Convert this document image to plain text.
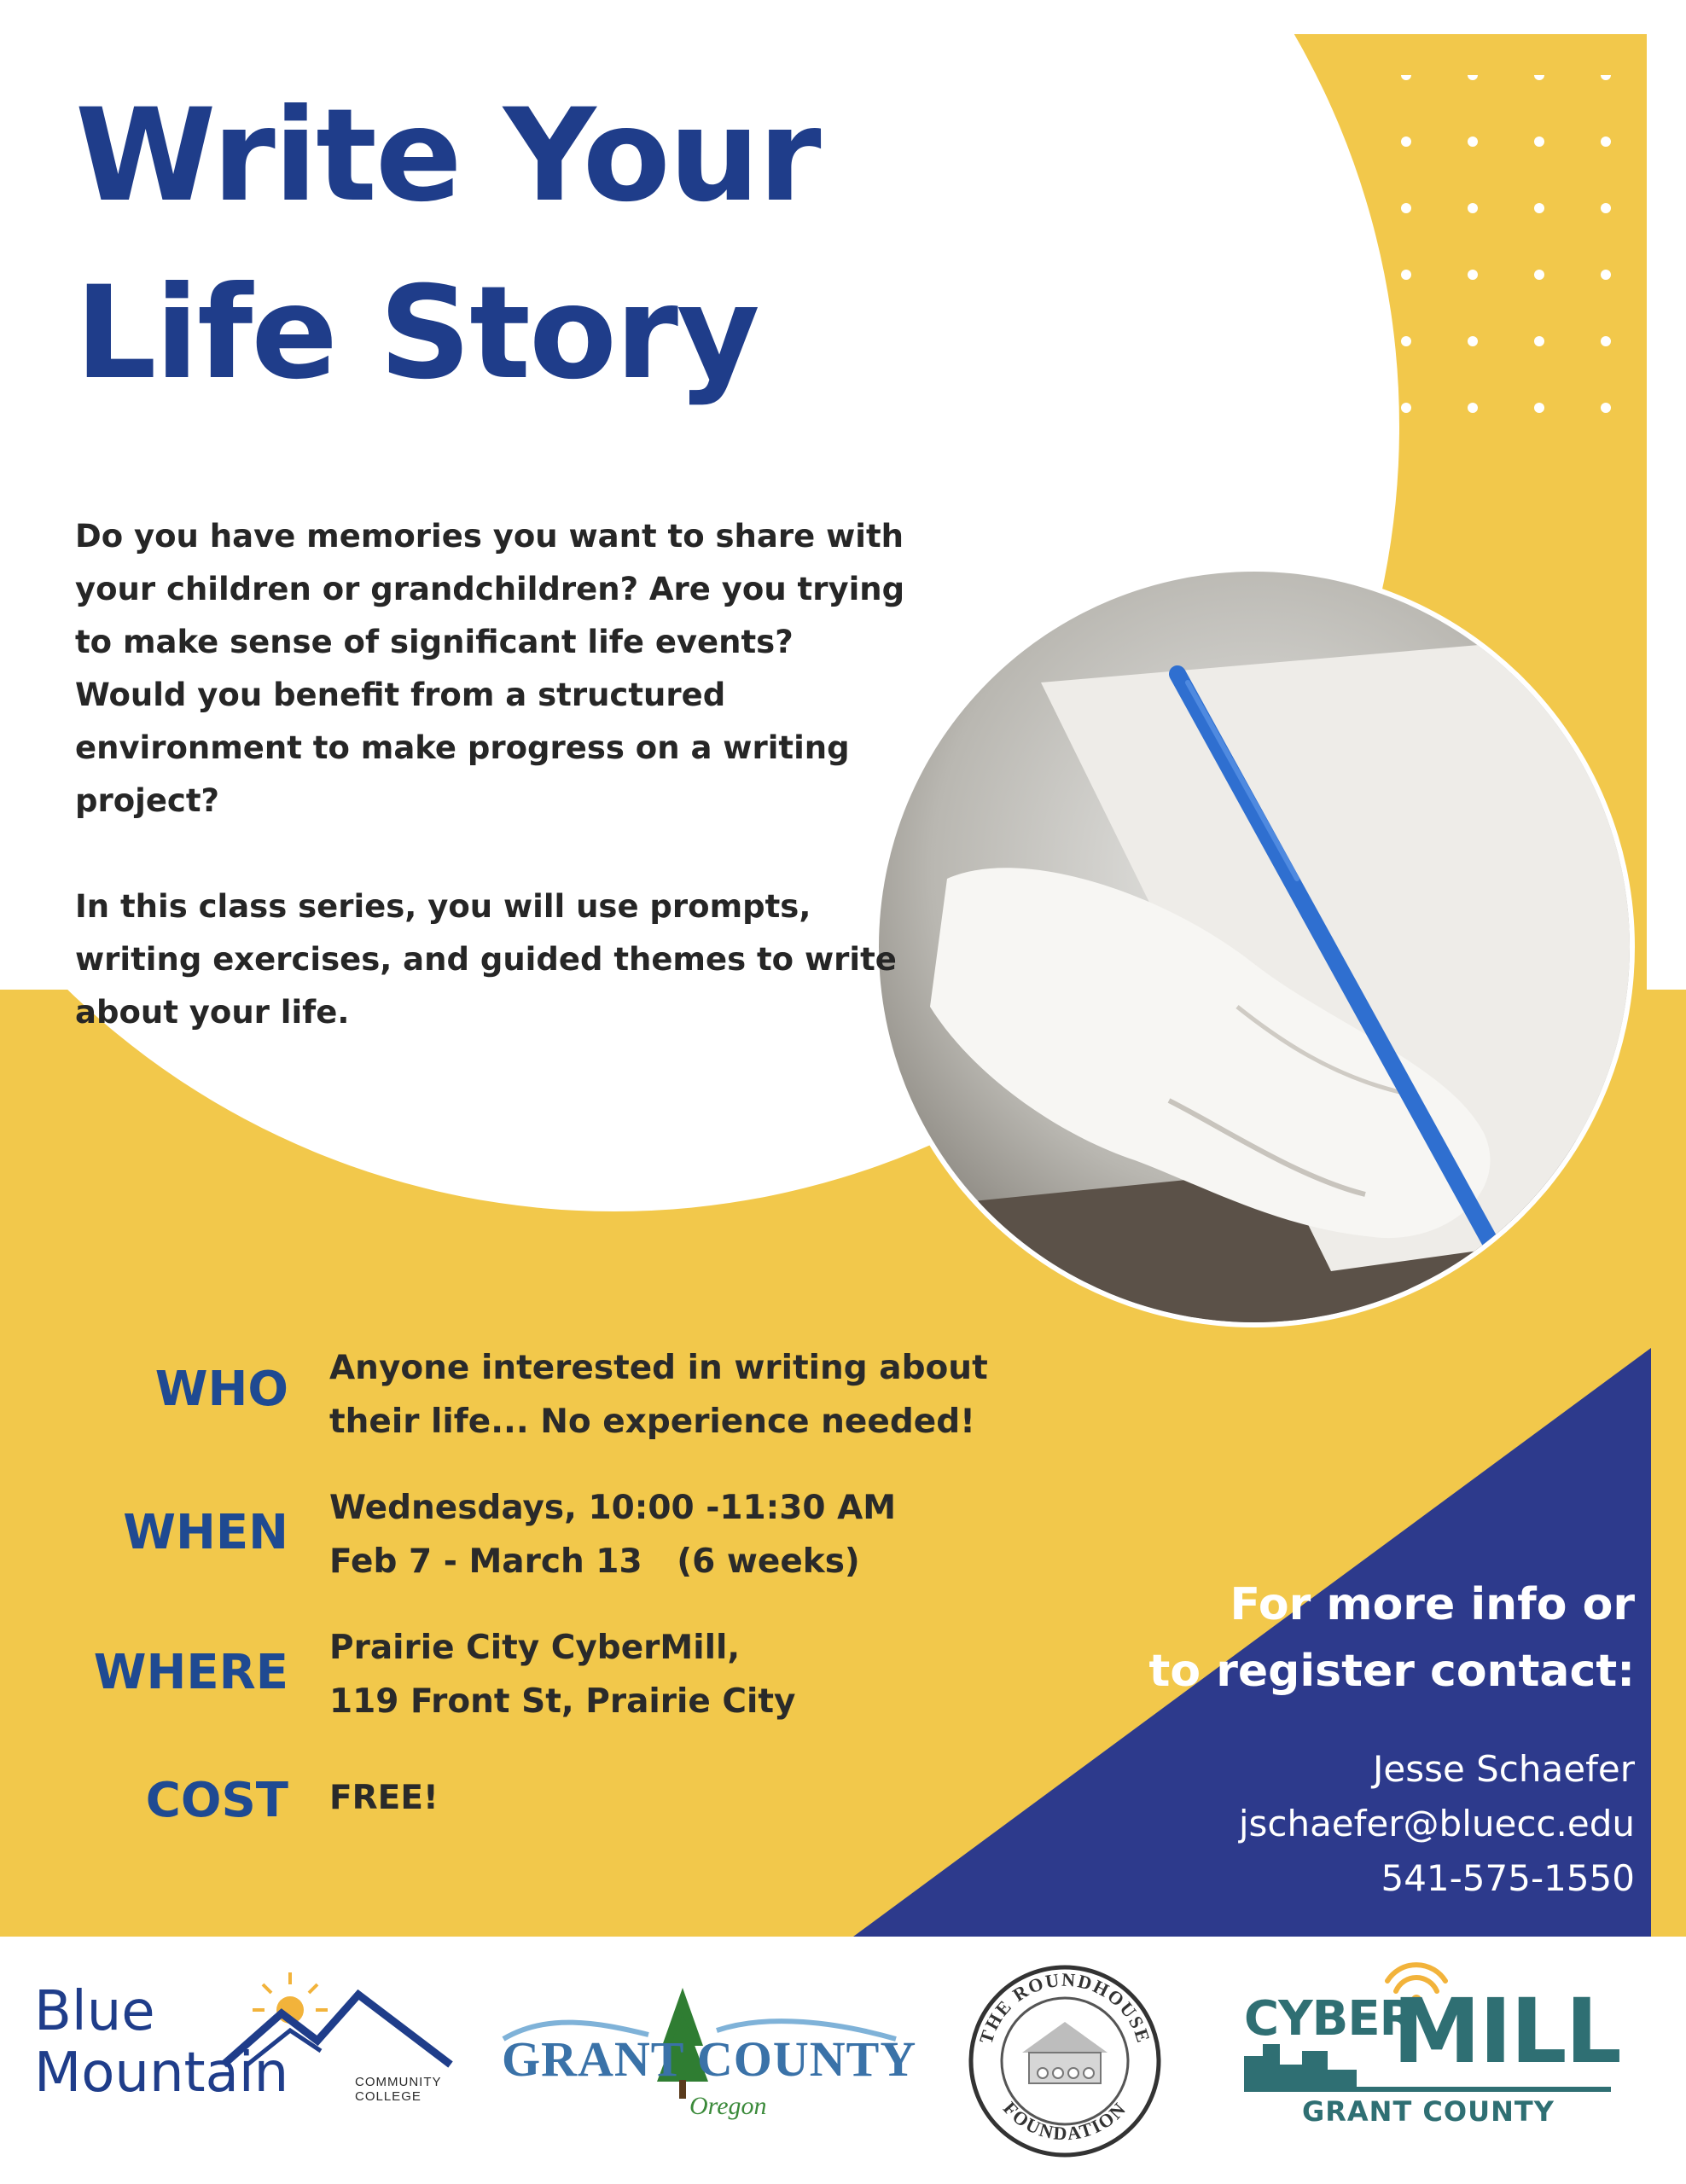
THE ROUNDHOUSE
FOUNDATION
Write Your
Life Story

Do you have memories you want to share with your children or grandchildren? Are you trying to make sense of significant life events? Would you benefit from a structured environment to make progress on a writing project?

In this class series, you will use prompts, writing exercises, and guided themes to write about your life.

WHO Anyone interested in writing about
their life... No experience needed!
WHEN Wednesdays, 10:00 -11:30 AM
Feb 7 - March 13   (6 weeks)
WHERE Prairie City CyberMill,
119 Front St, Prairie City
COST FREE!
For more info or
to register contact:
Jesse Schaefer
jschaefer@bluecc.edu
541-575-1550
Blue
Mountain	COMMUNITY
COLLEGE
GRANT COUNTY
Oregon
CYBER
MILL
GRANT COUNTY
